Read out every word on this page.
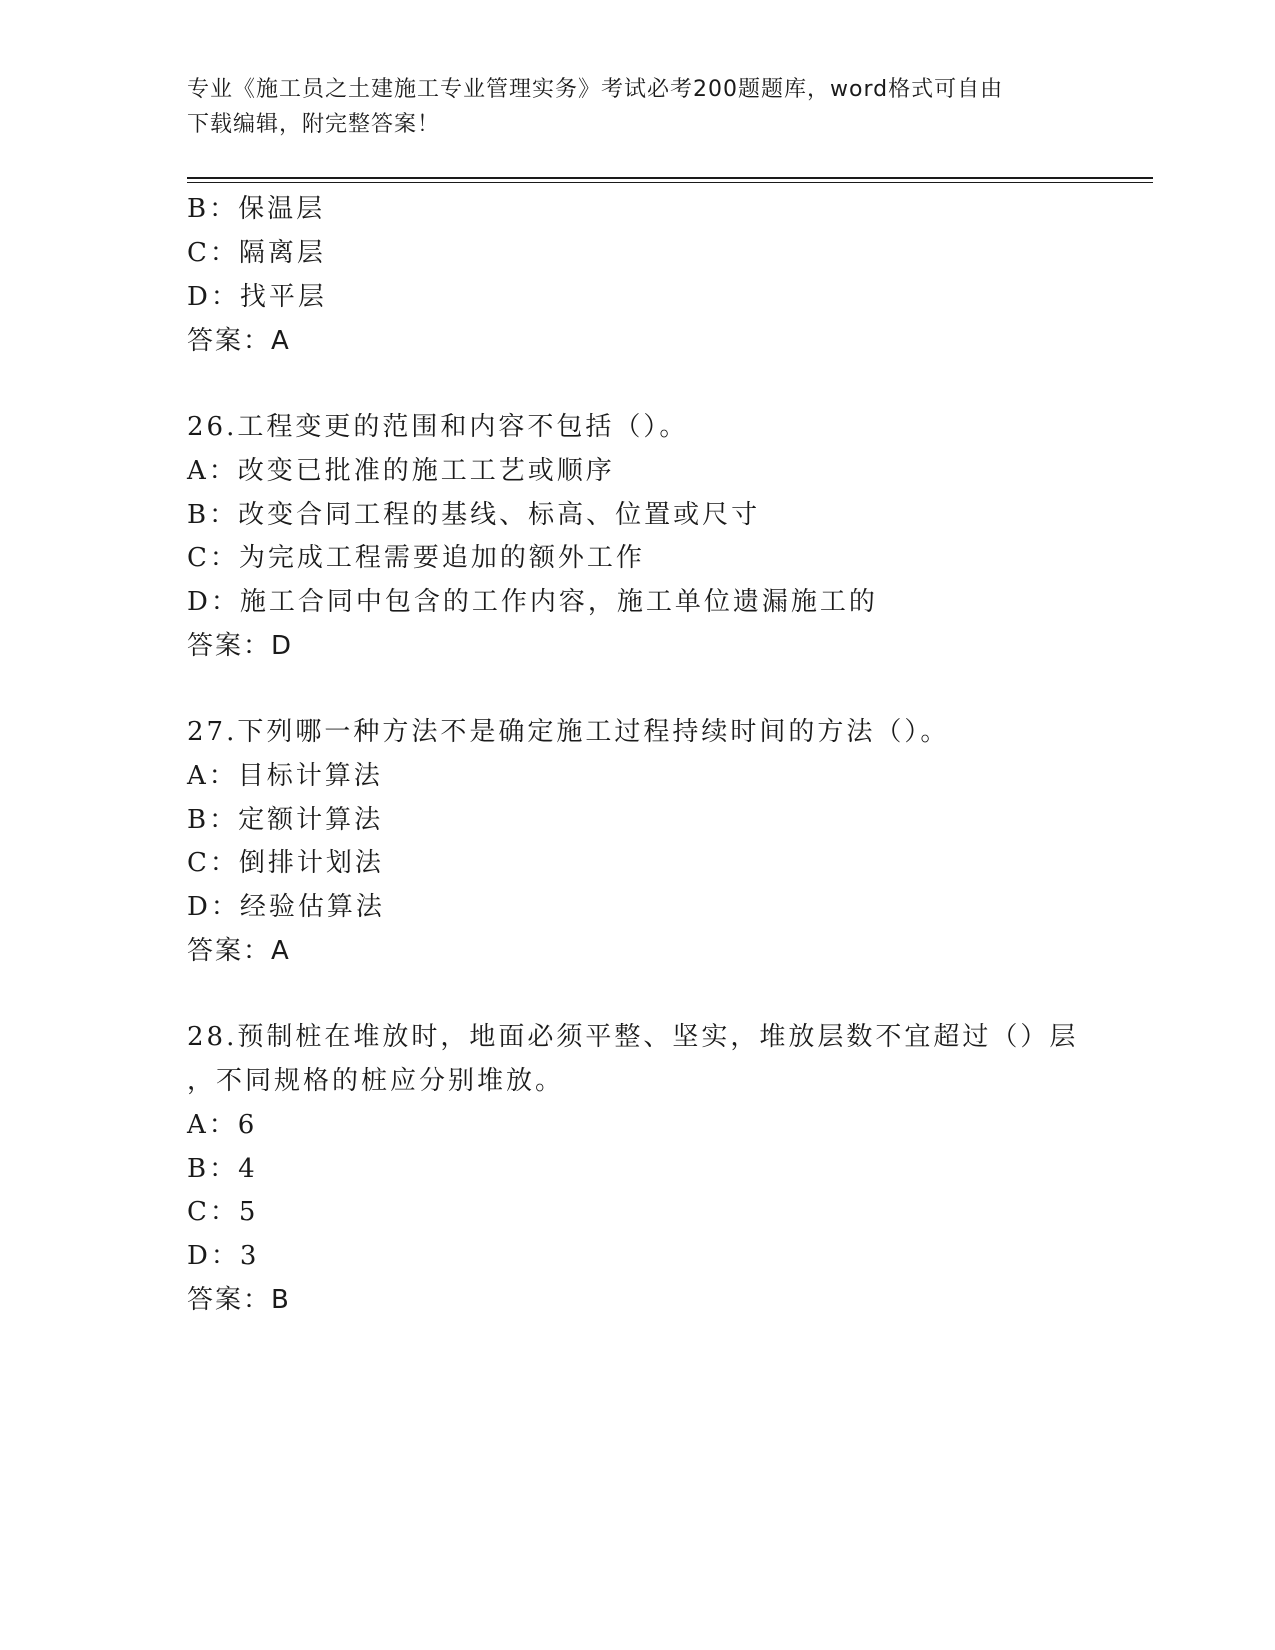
专业《施工员之土建施工专业管理实务》考试必考200题题库，word格式可自由
下载编辑，附完整答案！
B：保温层
C：隔离层
D：找平层
答案：A
26.工程变更的范围和内容不包括（）。
A：改变已批准的施工工艺或顺序
B：改变合同工程的基线、标高、位置或尺寸
C：为完成工程需要追加的额外工作
D：施工合同中包含的工作内容，施工单位遗漏施工的
答案：D
27.下列哪一种方法不是确定施工过程持续时间的方法（）。
A：目标计算法
B：定额计算法
C：倒排计划法
D：经验估算法
答案：A
28.预制桩在堆放时，地面必须平整、坚实，堆放层数不宜超过（）层
，不同规格的桩应分别堆放。
A：6
B：4
C：5
D：3
答案：B
